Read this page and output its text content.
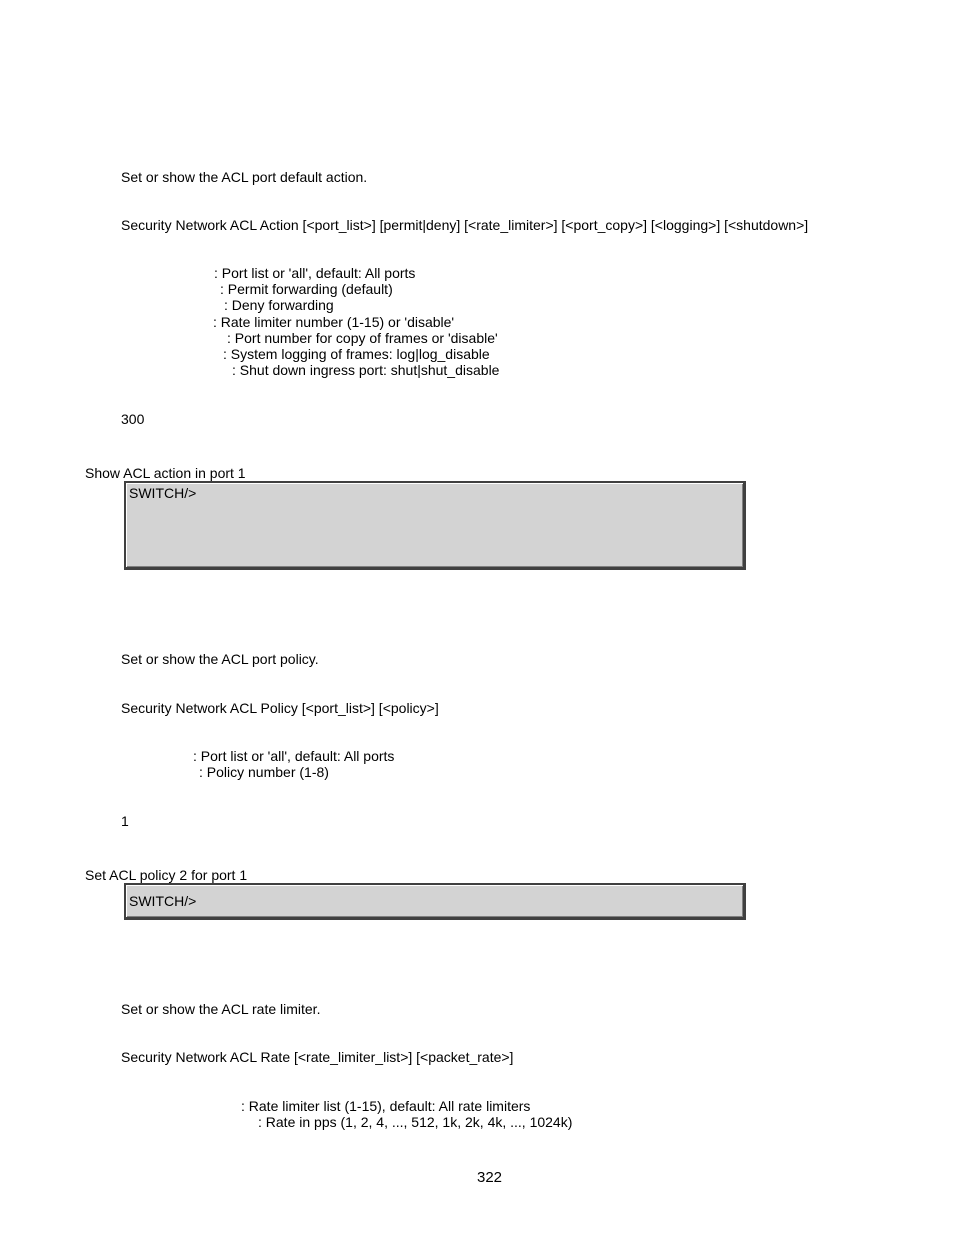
Set or show the ACL port default action.
Security Network ACL Action [<port_list>] [permit|deny] [<rate_limiter>] [<port_copy>] [<logging>] [<shutdown>]
: Port list or 'all', default: All ports
: Permit forwarding (default)
: Deny forwarding
: Rate limiter number (1-15) or 'disable'
: Port number for copy of frames or 'disable'
: System logging of frames: log|log_disable
: Shut down ingress port: shut|shut_disable
300
Show ACL action in port 1
SWITCH/>
Set or show the ACL port policy.
Security Network ACL Policy [<port_list>] [<policy>]
: Port list or 'all', default: All ports
: Policy number (1-8)
1
Set ACL policy 2 for port 1
SWITCH/>
Set or show the ACL rate limiter.
Security Network ACL Rate [<rate_limiter_list>] [<packet_rate>]
: Rate limiter list (1-15), default: All rate limiters
: Rate in pps (1, 2, 4, ..., 512, 1k, 2k, 4k, ..., 1024k)
322
